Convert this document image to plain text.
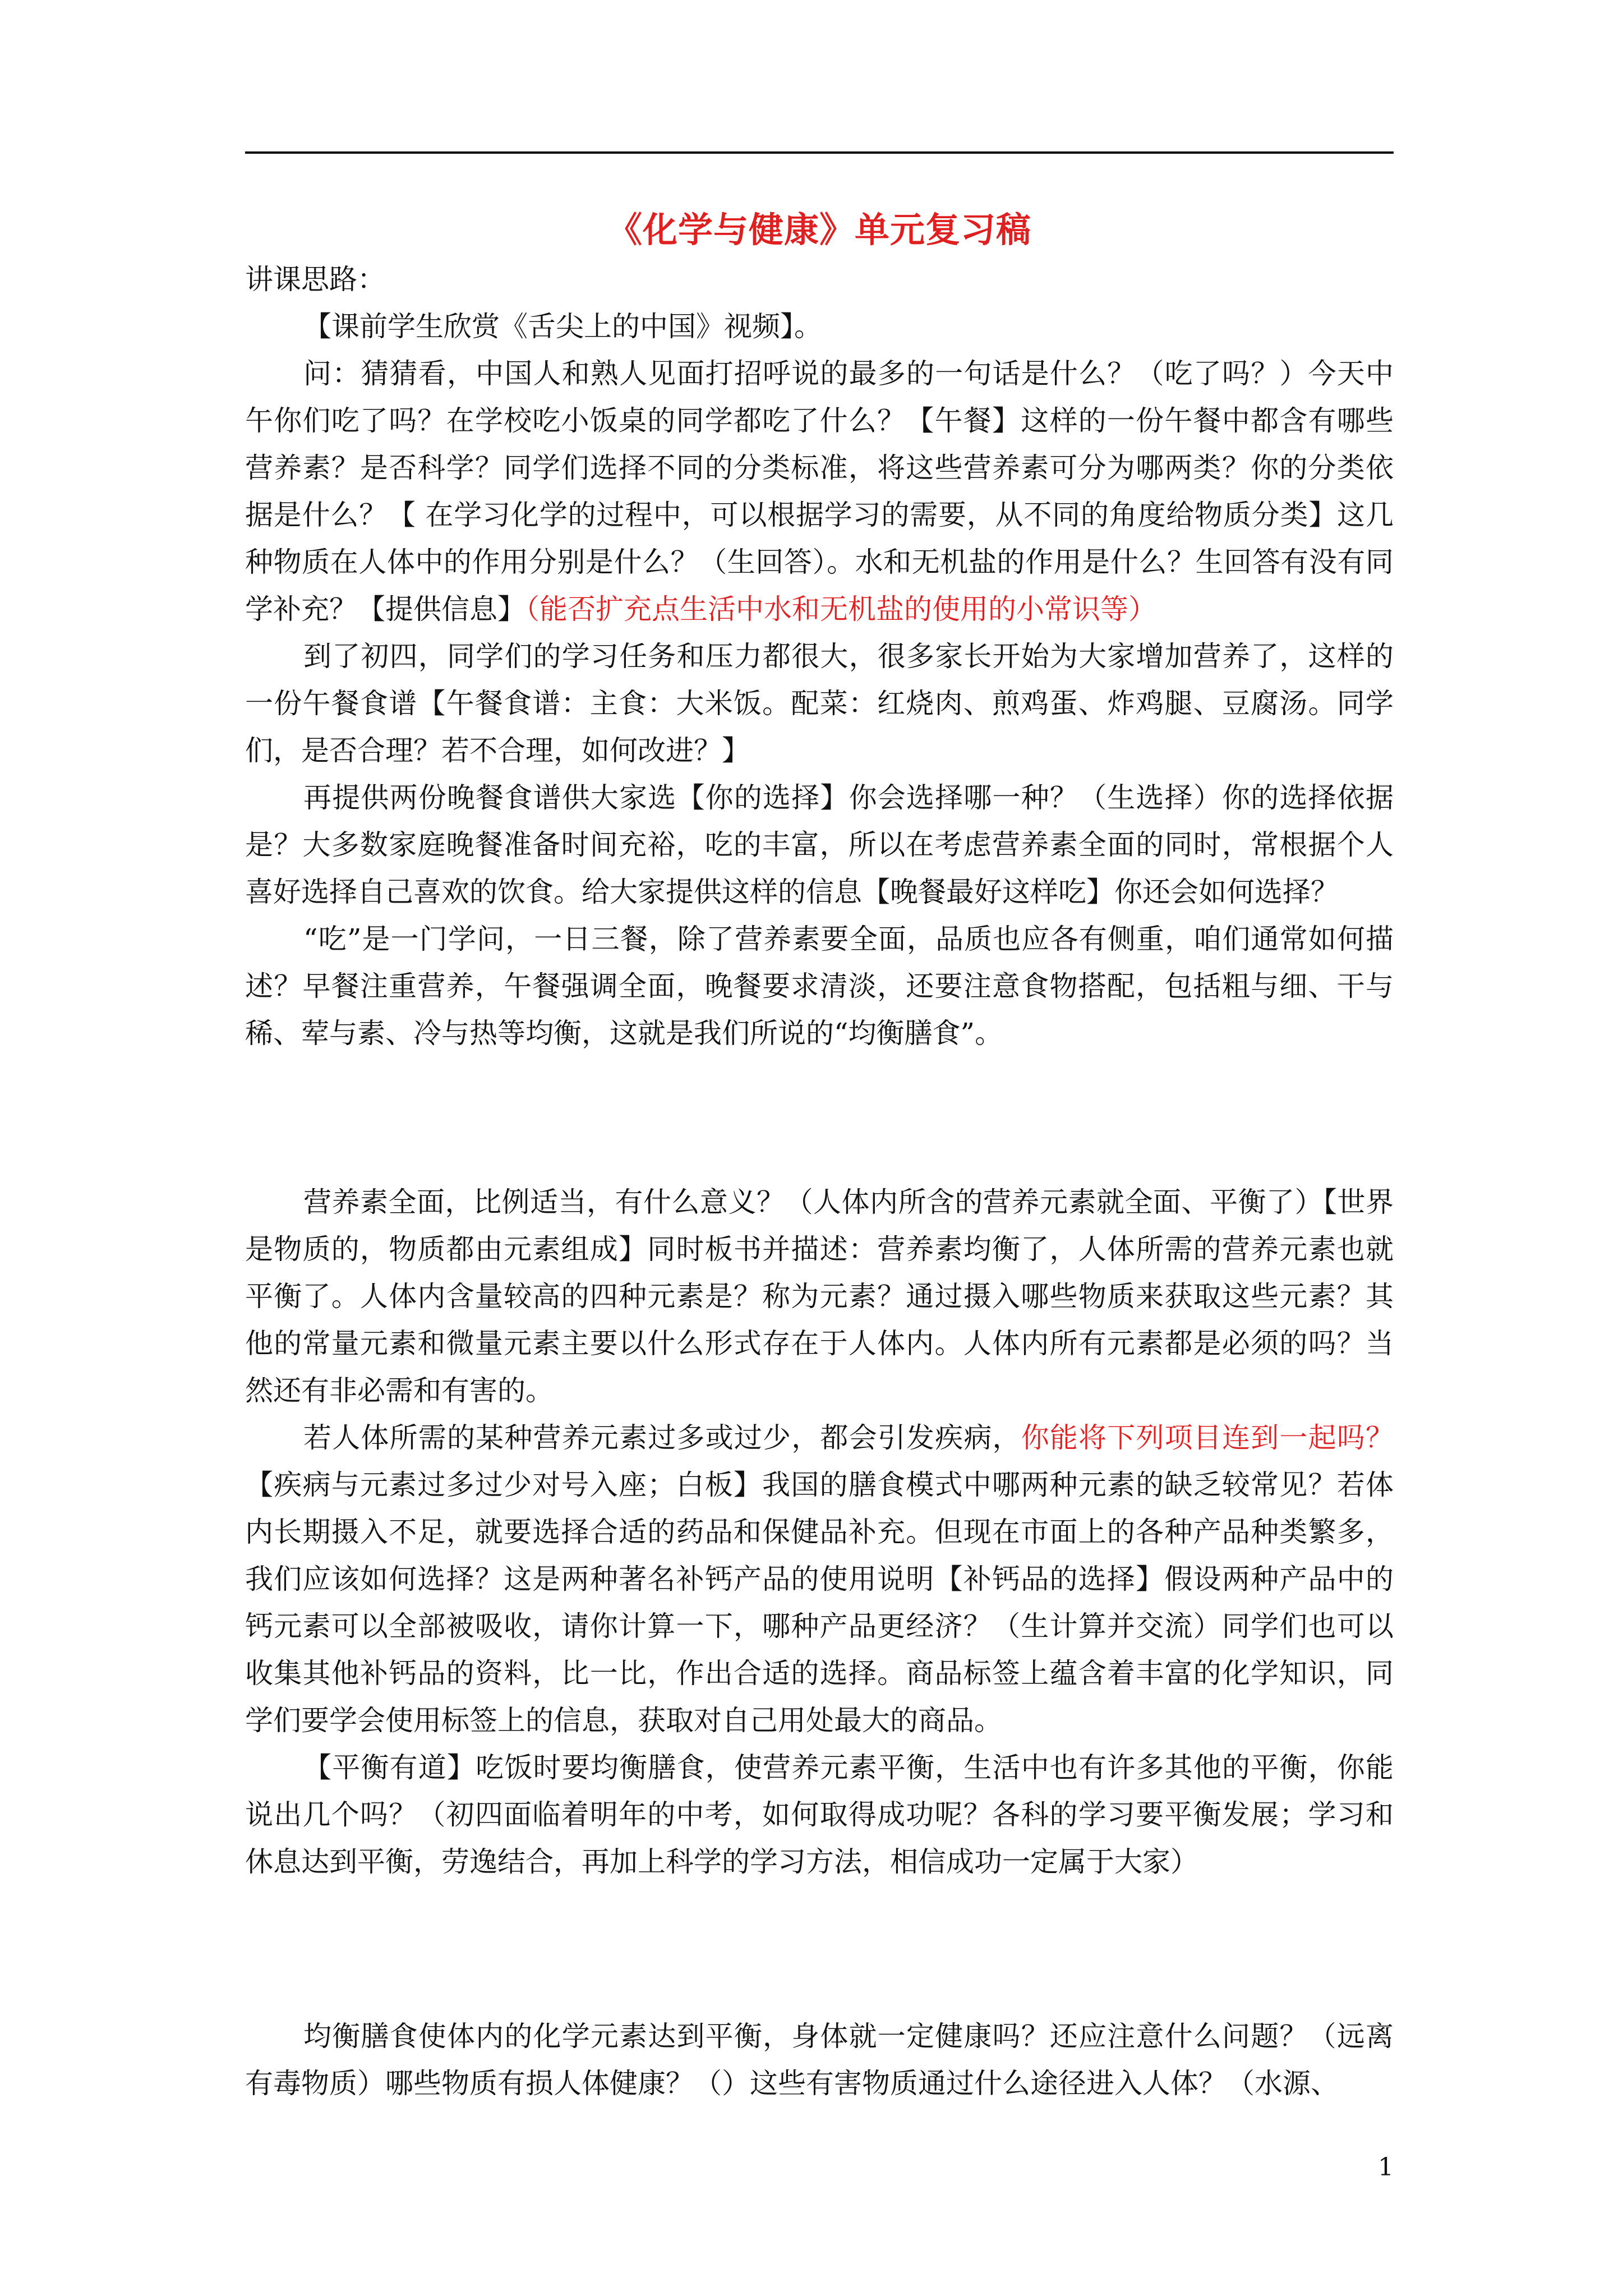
《化学与健康》单元复习稿

讲课思路：

【课前学生欣赏《舌尖上的中国》视频】。

问：猜猜看，中国人和熟人见面打招呼说的最多的一句话是什么？（吃了吗？）今天中午你们吃了吗？在学校吃小饭桌的同学都吃了什么？【午餐】这样的一份午餐中都含有哪些营养素？是否科学？同学们选择不同的分类标准，将这些营养素可分为哪两类？你的分类依据是什么？【 在学习化学的过程中，可以根据学习的需要，从不同的角度给物质分类】这几种物质在人体中的作用分别是什么？（生回答）。水和无机盐的作用是什么？生回答有没有同学补充？【提供信息】（能否扩充点生活中水和无机盐的使用的小常识等）

到了初四，同学们的学习任务和压力都很大，很多家长开始为大家增加营养了，这样的一份午餐食谱【午餐食谱：主食：大米饭。配菜：红烧肉、煎鸡蛋、炸鸡腿、豆腐汤。同学们，是否合理？若不合理，如何改进？】

再提供两份晚餐食谱供大家选【你的选择】你会选择哪一种？（生选择）你的选择依据是？大多数家庭晚餐准备时间充裕，吃的丰富，所以在考虑营养素全面的同时，常根据个人喜好选择自己喜欢的饮食。给大家提供这样的信息【晚餐最好这样吃】你还会如何选择？

“吃”是一门学问，一日三餐，除了营养素要全面，品质也应各有侧重，咱们通常如何描述？早餐注重营养，午餐强调全面，晚餐要求清淡，还要注意食物搭配，包括粗与细、干与稀、荤与素、冷与热等均衡，这就是我们所说的“均衡膳食”。

营养素全面，比例适当，有什么意义？（人体内所含的营养元素就全面、平衡了）【世界是物质的，物质都由元素组成】同时板书并描述：营养素均衡了，人体所需的营养元素也就平衡了。人体内含量较高的四种元素是？称为元素？通过摄入哪些物质来获取这些元素？其他的常量元素和微量元素主要以什么形式存在于人体内。人体内所有元素都是必须的吗？当然还有非必需和有害的。

若人体所需的某种营养元素过多或过少，都会引发疾病，你能将下列项目连到一起吗？【疾病与元素过多过少对号入座；白板】我国的膳食模式中哪两种元素的缺乏较常见？若体内长期摄入不足，就要选择合适的药品和保健品补充。但现在市面上的各种产品种类繁多，我们应该如何选择？这是两种著名补钙产品的使用说明【补钙品的选择】假设两种产品中的钙元素可以全部被吸收，请你计算一下，哪种产品更经济？（生计算并交流）同学们也可以收集其他补钙品的资料，比一比，作出合适的选择。商品标签上蕴含着丰富的化学知识，同学们要学会使用标签上的信息，获取对自己用处最大的商品。

【平衡有道】吃饭时要均衡膳食，使营养元素平衡，生活中也有许多其他的平衡，你能说出几个吗？（初四面临着明年的中考，如何取得成功呢？各科的学习要平衡发展；学习和休息达到平衡，劳逸结合，再加上科学的学习方法，相信成功一定属于大家）

均衡膳食使体内的化学元素达到平衡，身体就一定健康吗？还应注意什么问题？（远离有毒物质）哪些物质有损人体健康？（）这些有害物质通过什么途径进入人体？（水源、

1
